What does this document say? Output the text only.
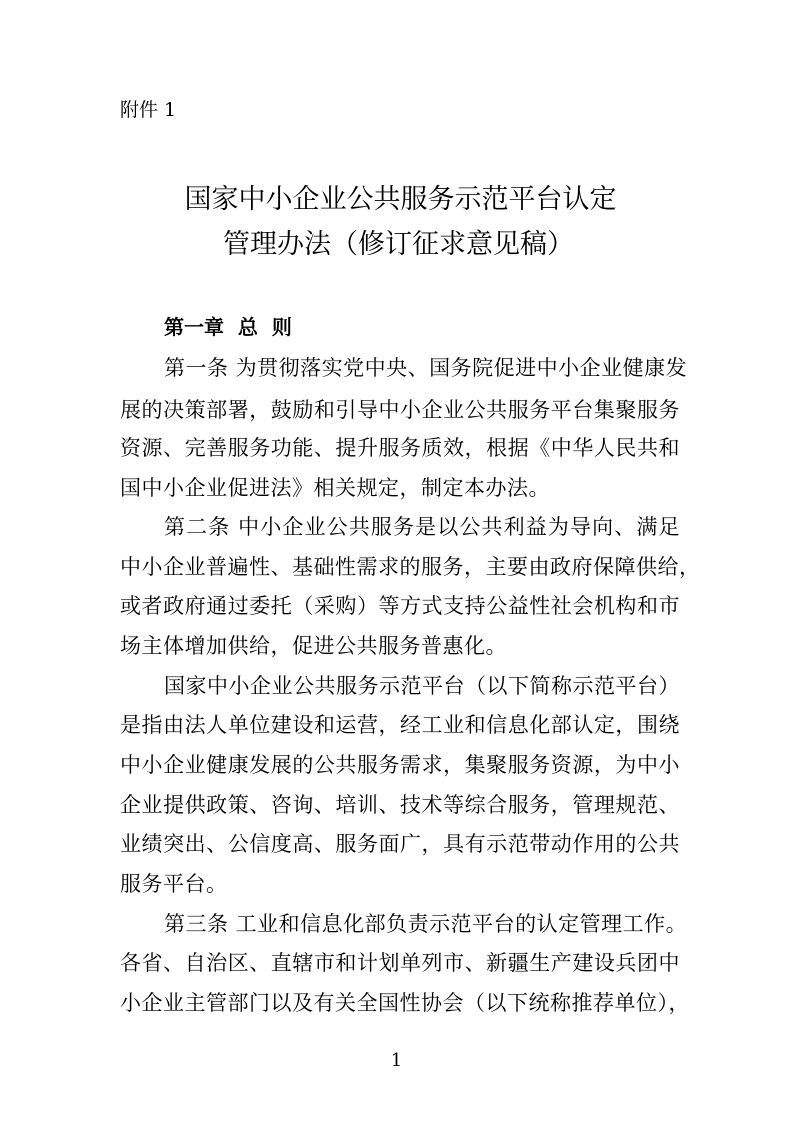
附件 1
国家中小企业公共服务示范平台认定
管理办法（修订征求意见稿）
第一章  总  则
第一条 为贯彻落实党中央、国务院促进中小企业健康发
展的决策部署，鼓励和引导中小企业公共服务平台集聚服务
资源、完善服务功能、提升服务质效，根据《中华人民共和
国中小企业促进法》相关规定，制定本办法。
第二条 中小企业公共服务是以公共利益为导向、满足
中小企业普遍性、基础性需求的服务，主要由政府保障供给，
或者政府通过委托（采购）等方式支持公益性社会机构和市
场主体增加供给，促进公共服务普惠化。
国家中小企业公共服务示范平台（以下简称示范平台）
是指由法人单位建设和运营，经工业和信息化部认定，围绕
中小企业健康发展的公共服务需求，集聚服务资源，为中小
企业提供政策、咨询、培训、技术等综合服务，管理规范、
业绩突出、公信度高、服务面广，具有示范带动作用的公共
服务平台。
第三条 工业和信息化部负责示范平台的认定管理工作。
各省、自治区、直辖市和计划单列市、新疆生产建设兵团中
小企业主管部门以及有关全国性协会（以下统称推荐单位），
1
